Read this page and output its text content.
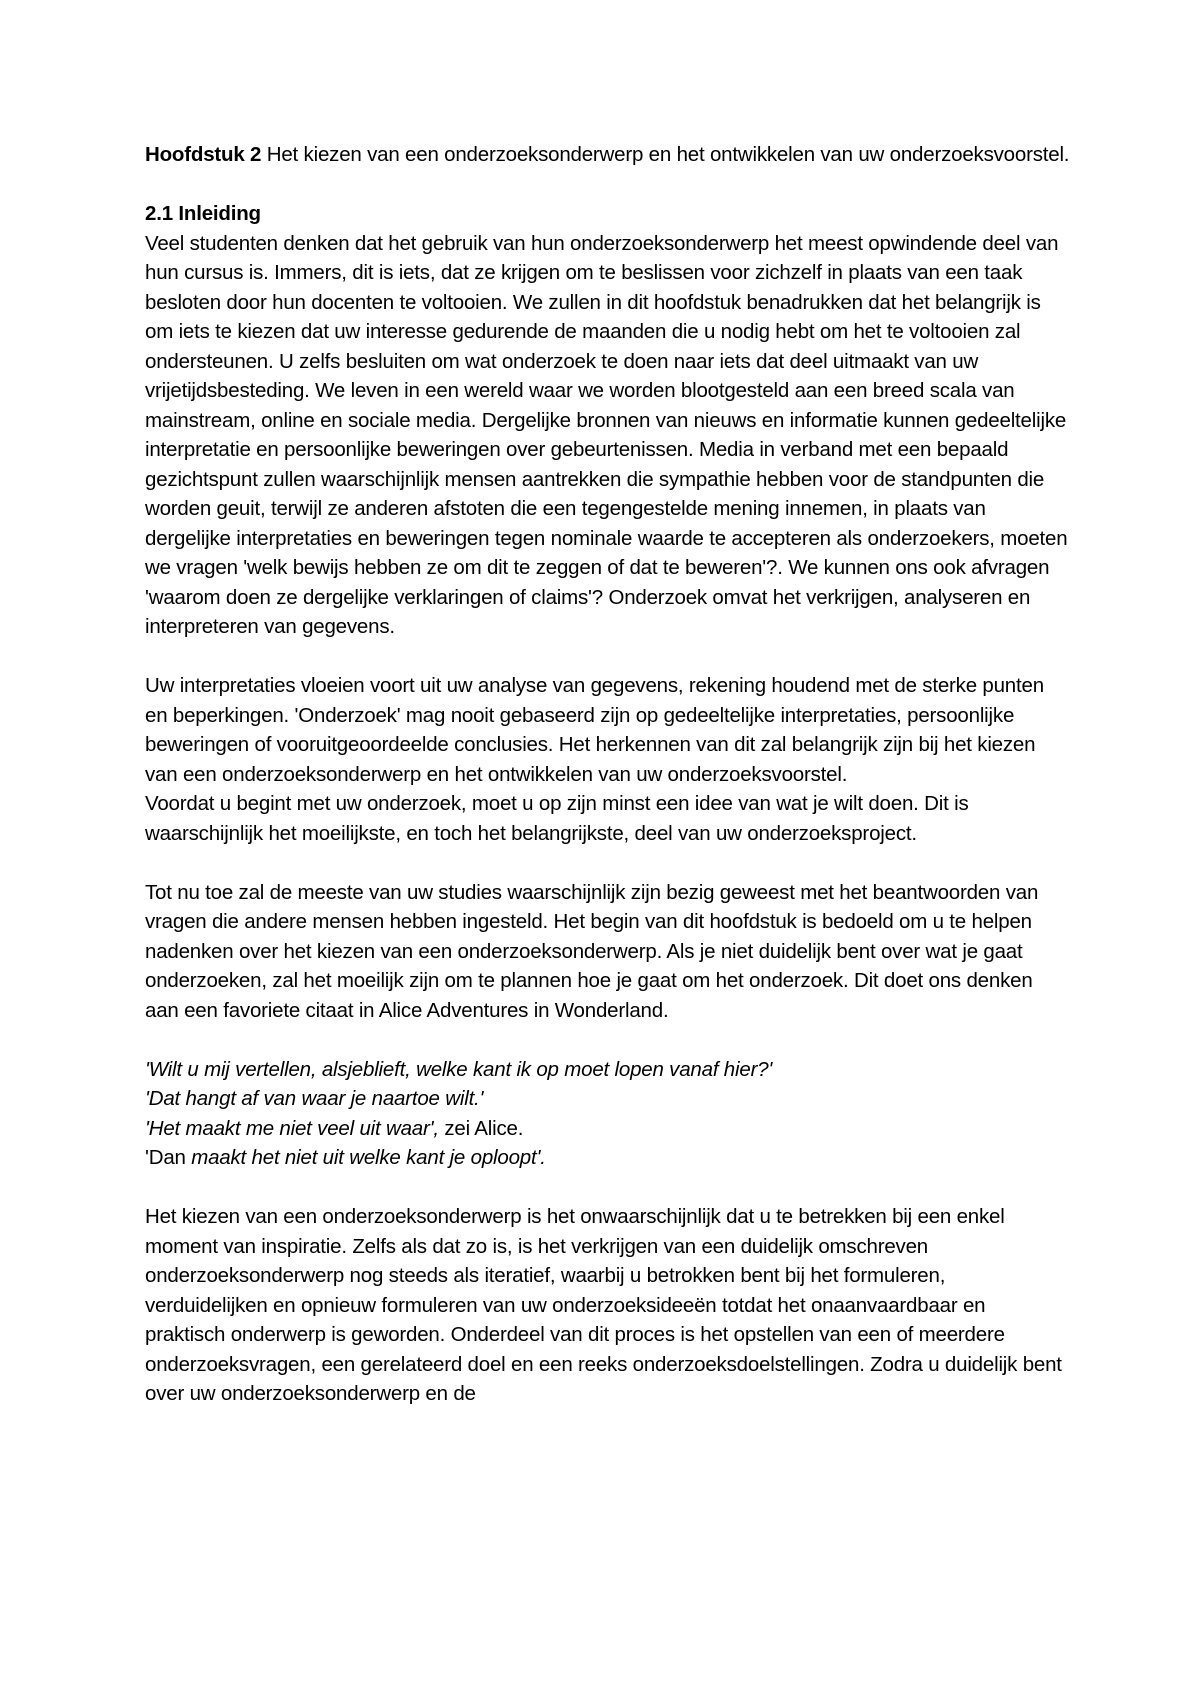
Hoofdstuk 2 Het kiezen van een onderzoeksonderwerp en het ontwikkelen van uw onderzoeksvoorstel.

2.1 Inleiding

Veel studenten denken dat het gebruik van hun onderzoeksonderwerp het meest opwindende deel van hun cursus is. Immers, dit is iets, dat ze krijgen om te beslissen voor zichzelf in plaats van een taak besloten door hun docenten te voltooien. We zullen in dit hoofdstuk benadrukken dat het belangrijk is om iets te kiezen dat uw interesse gedurende de maanden die u nodig hebt om het te voltooien zal ondersteunen. U zelfs besluiten om wat onderzoek te doen naar iets dat deel uitmaakt van uw vrijetijdsbesteding. We leven in een wereld waar we worden blootgesteld aan een breed scala van mainstream, online en sociale media. Dergelijke bronnen van nieuws en informatie kunnen gedeeltelijke interpretatie en persoonlijke beweringen over gebeurtenissen. Media in verband met een bepaald gezichtspunt zullen waarschijnlijk mensen aantrekken die sympathie hebben voor de standpunten die worden geuit, terwijl ze anderen afstoten die een tegengestelde mening innemen, in plaats van dergelijke interpretaties en beweringen tegen nominale waarde te accepteren als onderzoekers, moeten we vragen 'welk bewijs hebben ze om dit te zeggen of dat te beweren'?. We kunnen ons ook afvragen 'waarom doen ze dergelijke verklaringen of claims'? Onderzoek omvat het verkrijgen, analyseren en interpreteren van gegevens.

Uw interpretaties vloeien voort uit uw analyse van gegevens, rekening houdend met de sterke punten en beperkingen. 'Onderzoek' mag nooit gebaseerd zijn op gedeeltelijke interpretaties, persoonlijke beweringen of vooruitgeoordeelde conclusies. Het herkennen van dit zal belangrijk zijn bij het kiezen van een onderzoeksonderwerp en het ontwikkelen van uw onderzoeksvoorstel.

Voordat u begint met uw onderzoek, moet u op zijn minst een idee van wat je wilt doen. Dit is waarschijnlijk het moeilijkste, en toch het belangrijkste, deel van uw onderzoeksproject.

Tot nu toe zal de meeste van uw studies waarschijnlijk zijn bezig geweest met het beantwoorden van vragen die andere mensen hebben ingesteld. Het begin van dit hoofdstuk is bedoeld om u te helpen nadenken over het kiezen van een onderzoeksonderwerp. Als je niet duidelijk bent over wat je gaat onderzoeken, zal het moeilijk zijn om te plannen hoe je gaat om het onderzoek. Dit doet ons denken aan een favoriete citaat in Alice Adventures in Wonderland.

'Wilt u mij vertellen, alsjeblieft, welke kant ik op moet lopen vanaf hier?'

'Dat hangt af van waar je naartoe wilt.'

'Het maakt me niet veel uit waar', zei Alice.

'Dan maakt het niet uit welke kant je oploopt'.

Het kiezen van een onderzoeksonderwerp is het onwaarschijnlijk dat u te betrekken bij een enkel moment van inspiratie. Zelfs als dat zo is, is het verkrijgen van een duidelijk omschreven onderzoeksonderwerp nog steeds als iteratief, waarbij u betrokken bent bij het formuleren, verduidelijken en opnieuw formuleren van uw onderzoeksideeën totdat het onaanvaardbaar en praktisch onderwerp is geworden. Onderdeel van dit proces is het opstellen van een of meerdere onderzoeksvragen, een gerelateerd doel en een reeks onderzoeksdoelstellingen. Zodra u duidelijk bent over uw onderzoeksonderwerp en de
